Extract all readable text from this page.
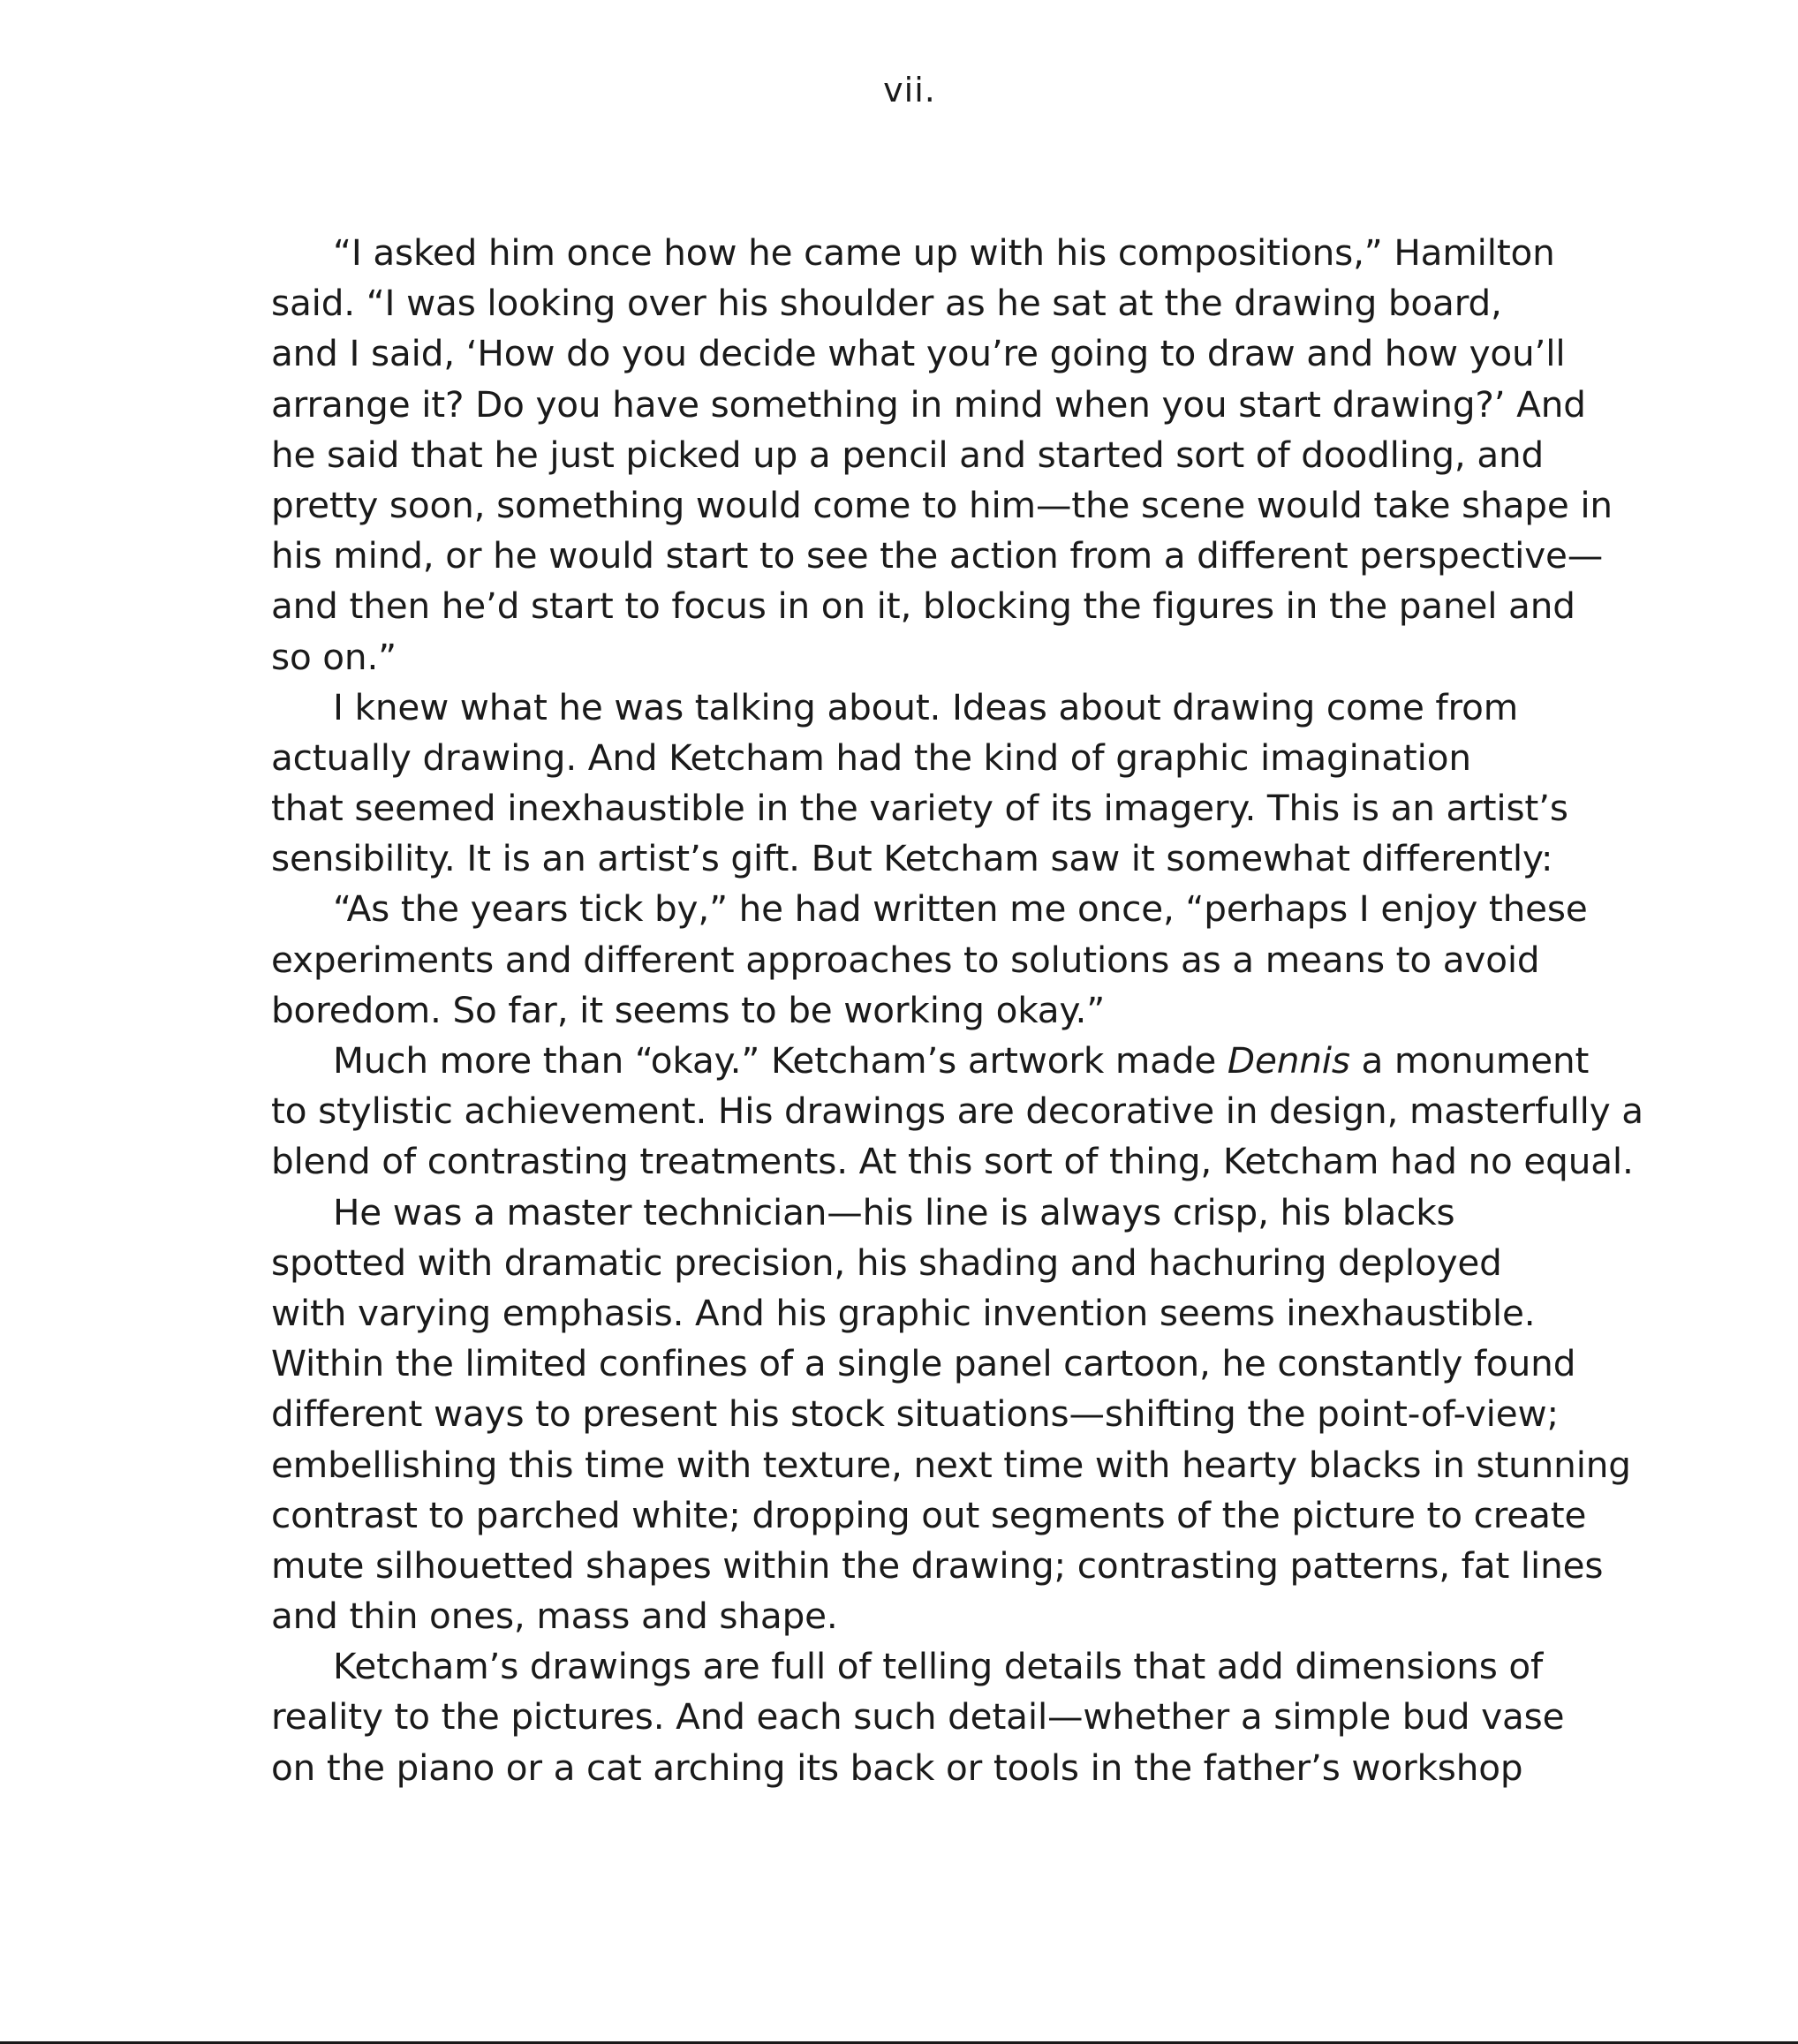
vii.
“I asked him once how he came up with his compositions,” Hamilton
said. “I was looking over his shoulder as he sat at the drawing board,
and I said, ‘How do you decide what you’re going to draw and how you’ll
arrange it? Do you have something in mind when you start drawing?’ And
he said that he just picked up a pencil and started sort of doodling, and
pretty soon, something would come to him—the scene would take shape in
his mind, or he would start to see the action from a different perspective—
and then he’d start to focus in on it, blocking the figures in the panel and
so on.”
I knew what he was talking about. Ideas about drawing come from
actually drawing. And Ketcham had the kind of graphic imagination
that seemed inexhaustible in the variety of its imagery. This is an artist’s
sensibility. It is an artist’s gift. But Ketcham saw it somewhat differently:
“As the years tick by,” he had written me once, “perhaps I enjoy these
experiments and different approaches to solutions as a means to avoid
boredom. So far, it seems to be working okay.”
Much more than “okay.” Ketcham’s artwork made Dennis a monument
to stylistic achievement. His drawings are decorative in design, masterfully a
blend of contrasting treatments. At this sort of thing, Ketcham had no equal.
He was a master technician—his line is always crisp, his blacks
spotted with dramatic precision, his shading and hachuring deployed
with varying emphasis. And his graphic invention seems inexhaustible.
Within the limited confines of a single panel cartoon, he constantly found
different ways to present his stock situations—shifting the point-of-view;
embellishing this time with texture, next time with hearty blacks in stunning
contrast to parched white; dropping out segments of the picture to create
mute silhouetted shapes within the drawing; contrasting patterns, fat lines
and thin ones, mass and shape.
Ketcham’s drawings are full of telling details that add dimensions of
reality to the pictures. And each such detail—whether a simple bud vase
on the piano or a cat arching its back or tools in the father’s workshop
